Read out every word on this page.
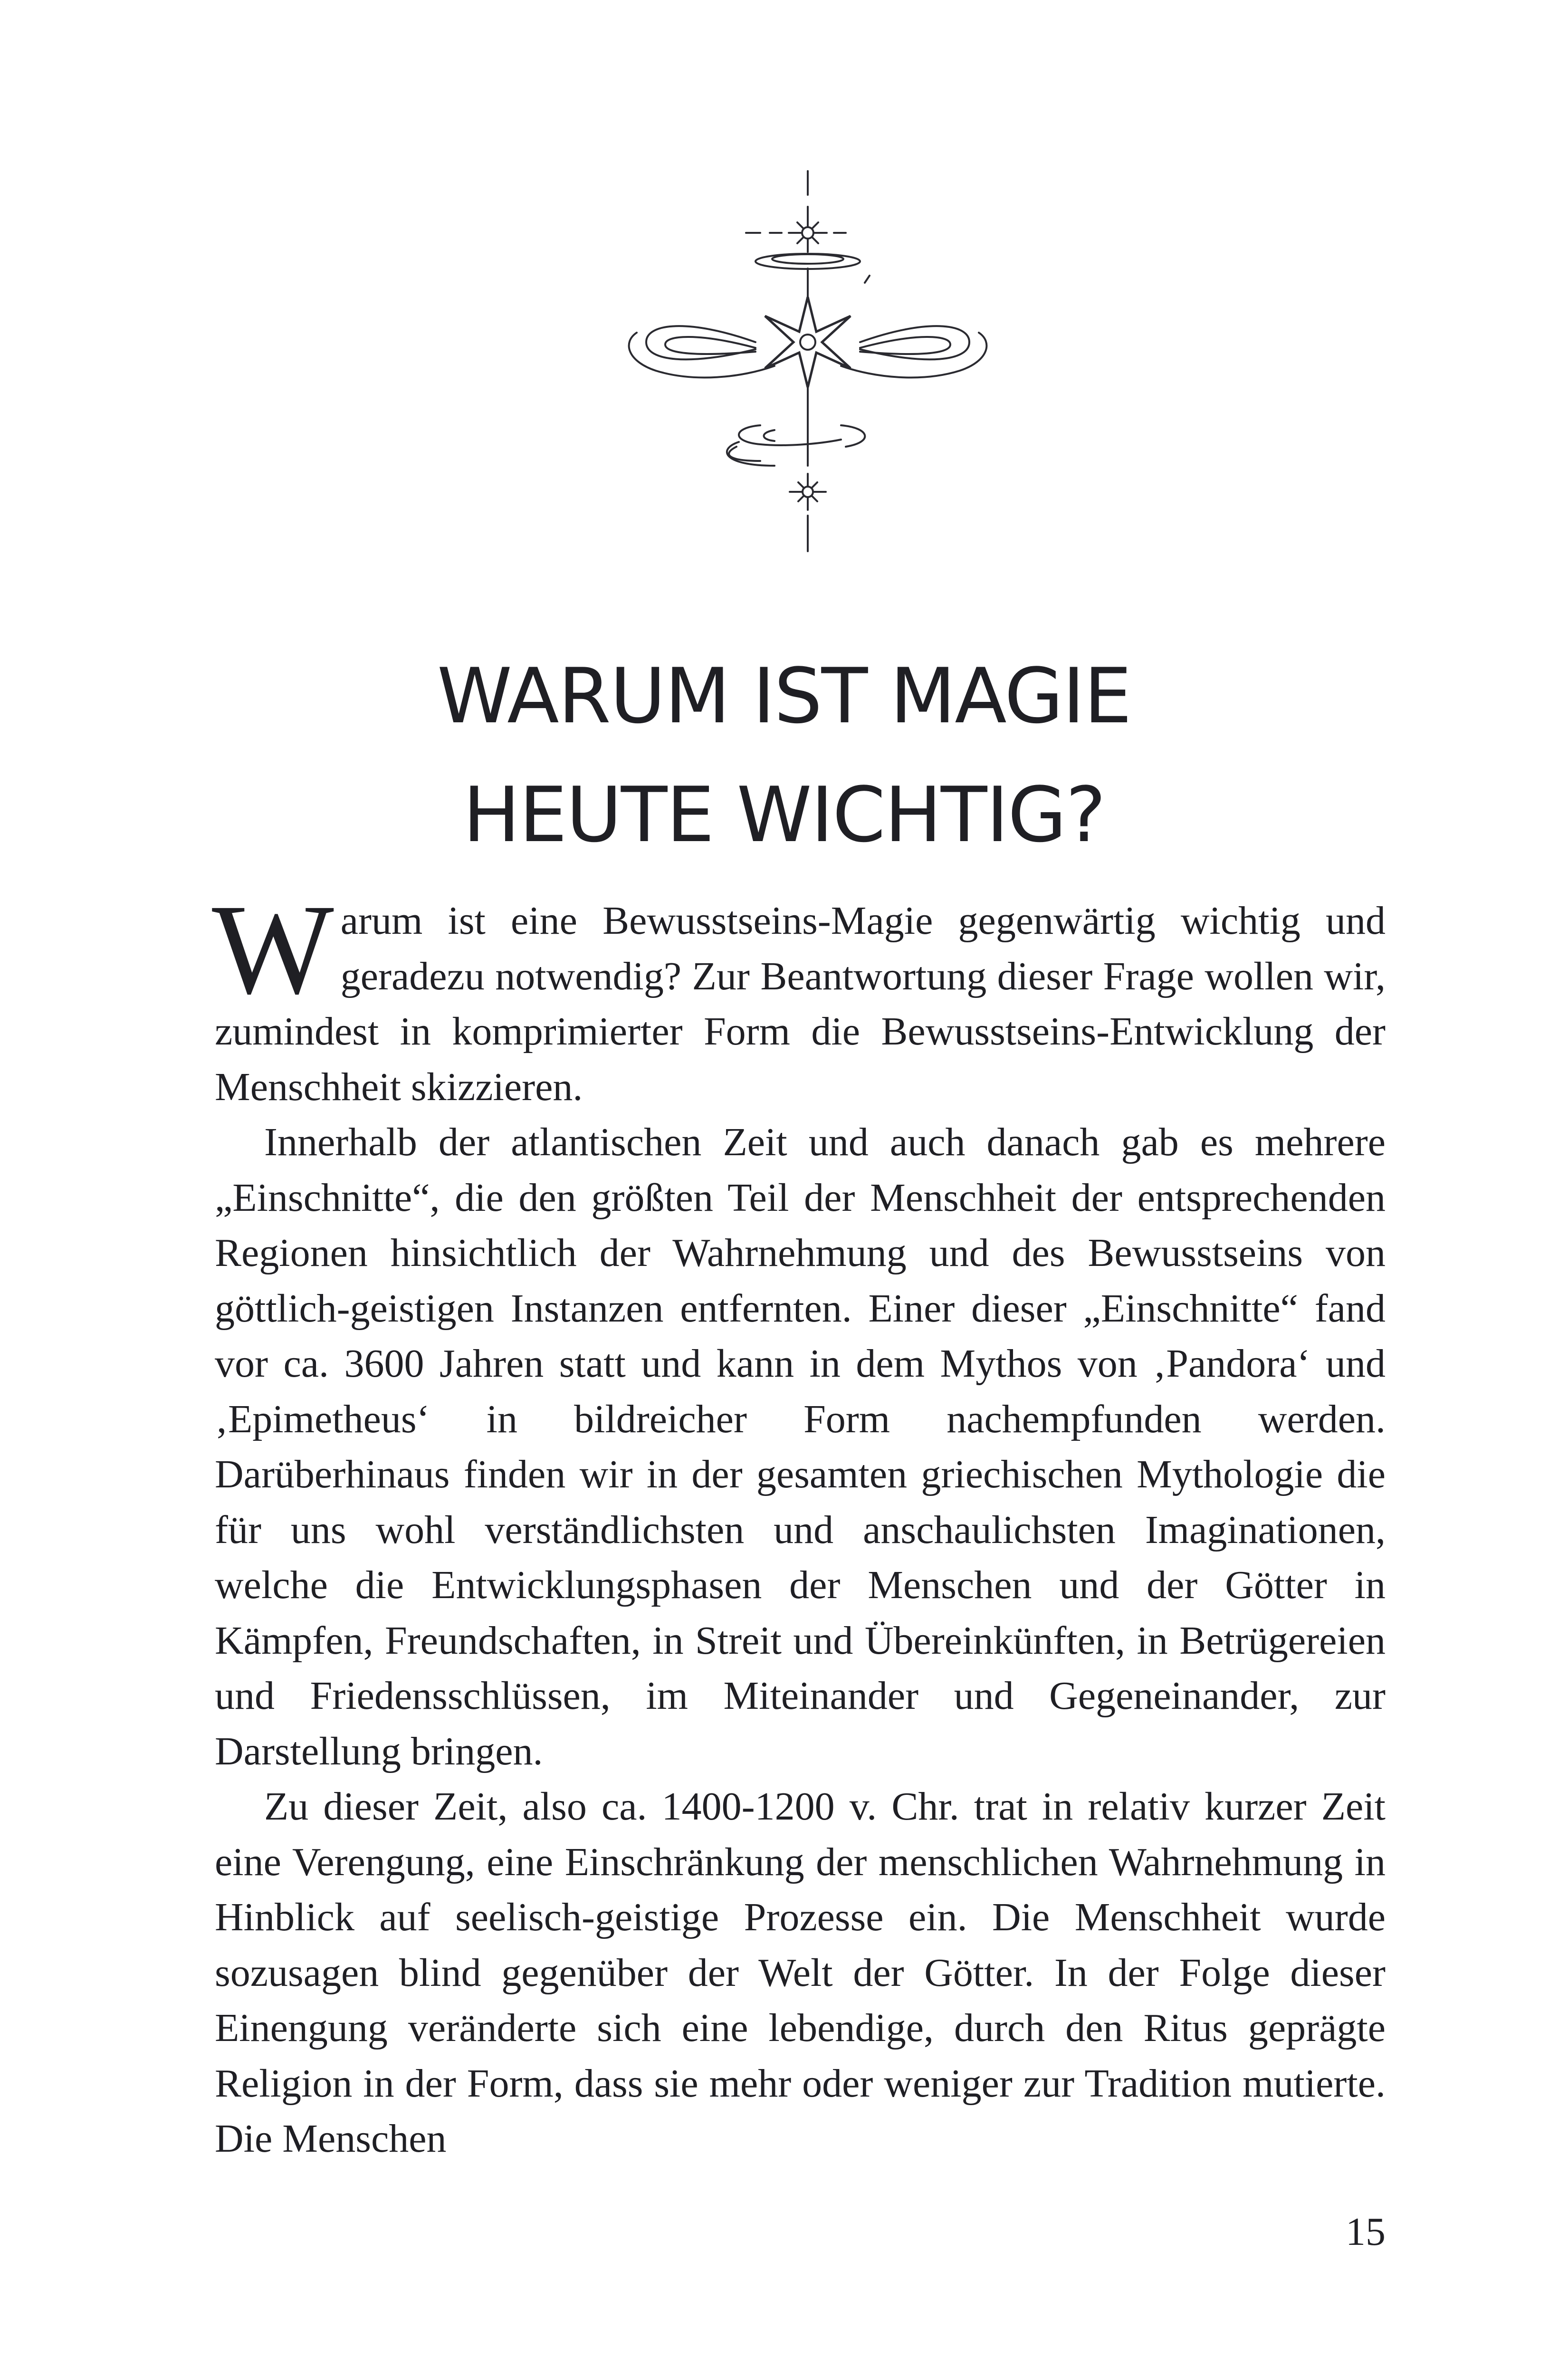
WARUM IST MAGIE
HEUTE WICHTIG?

Warum ist eine Bewusstseins-Magie gegenwärtig wichtig und geradezu notwendig? Zur Beantwortung dieser Frage wollen wir, zumindest in komprimierter Form die Bewusstseins-Entwicklung der Menschheit skizzieren.

Innerhalb der atlantischen Zeit und auch danach gab es mehrere „Einschnitte“, die den größten Teil der Menschheit der entsprechenden Regionen hinsichtlich der Wahrnehmung und des Bewusstseins von göttlich-geistigen Instanzen entfernten. Einer dieser „Einschnitte“ fand vor ca. 3600 Jahren statt und kann in dem Mythos von ‚Pandora‘ und ‚Epimetheus‘ in bildreicher Form nachempfunden werden. Darüberhinaus finden wir in der gesamten griechischen Mythologie die für uns wohl verständlichsten und anschaulichsten Imaginationen, welche die Entwicklungsphasen der Menschen und der Götter in Kämpfen, Freundschaften, in Streit und Übereinkünften, in Betrügereien und Friedensschlüssen, im Miteinander und Gegeneinander, zur Darstellung bringen.

Zu dieser Zeit, also ca. 1400-1200 v. Chr. trat in relativ kurzer Zeit eine Verengung, eine Einschränkung der menschlichen Wahrnehmung in Hinblick auf seelisch-geistige Prozesse ein. Die Menschheit wurde sozusagen blind gegenüber der Welt der Götter. In der Folge dieser Einengung veränderte sich eine lebendige, durch den Ritus geprägte Religion in der Form, dass sie mehr oder weniger zur Tradition mutierte. Die Menschen

15
